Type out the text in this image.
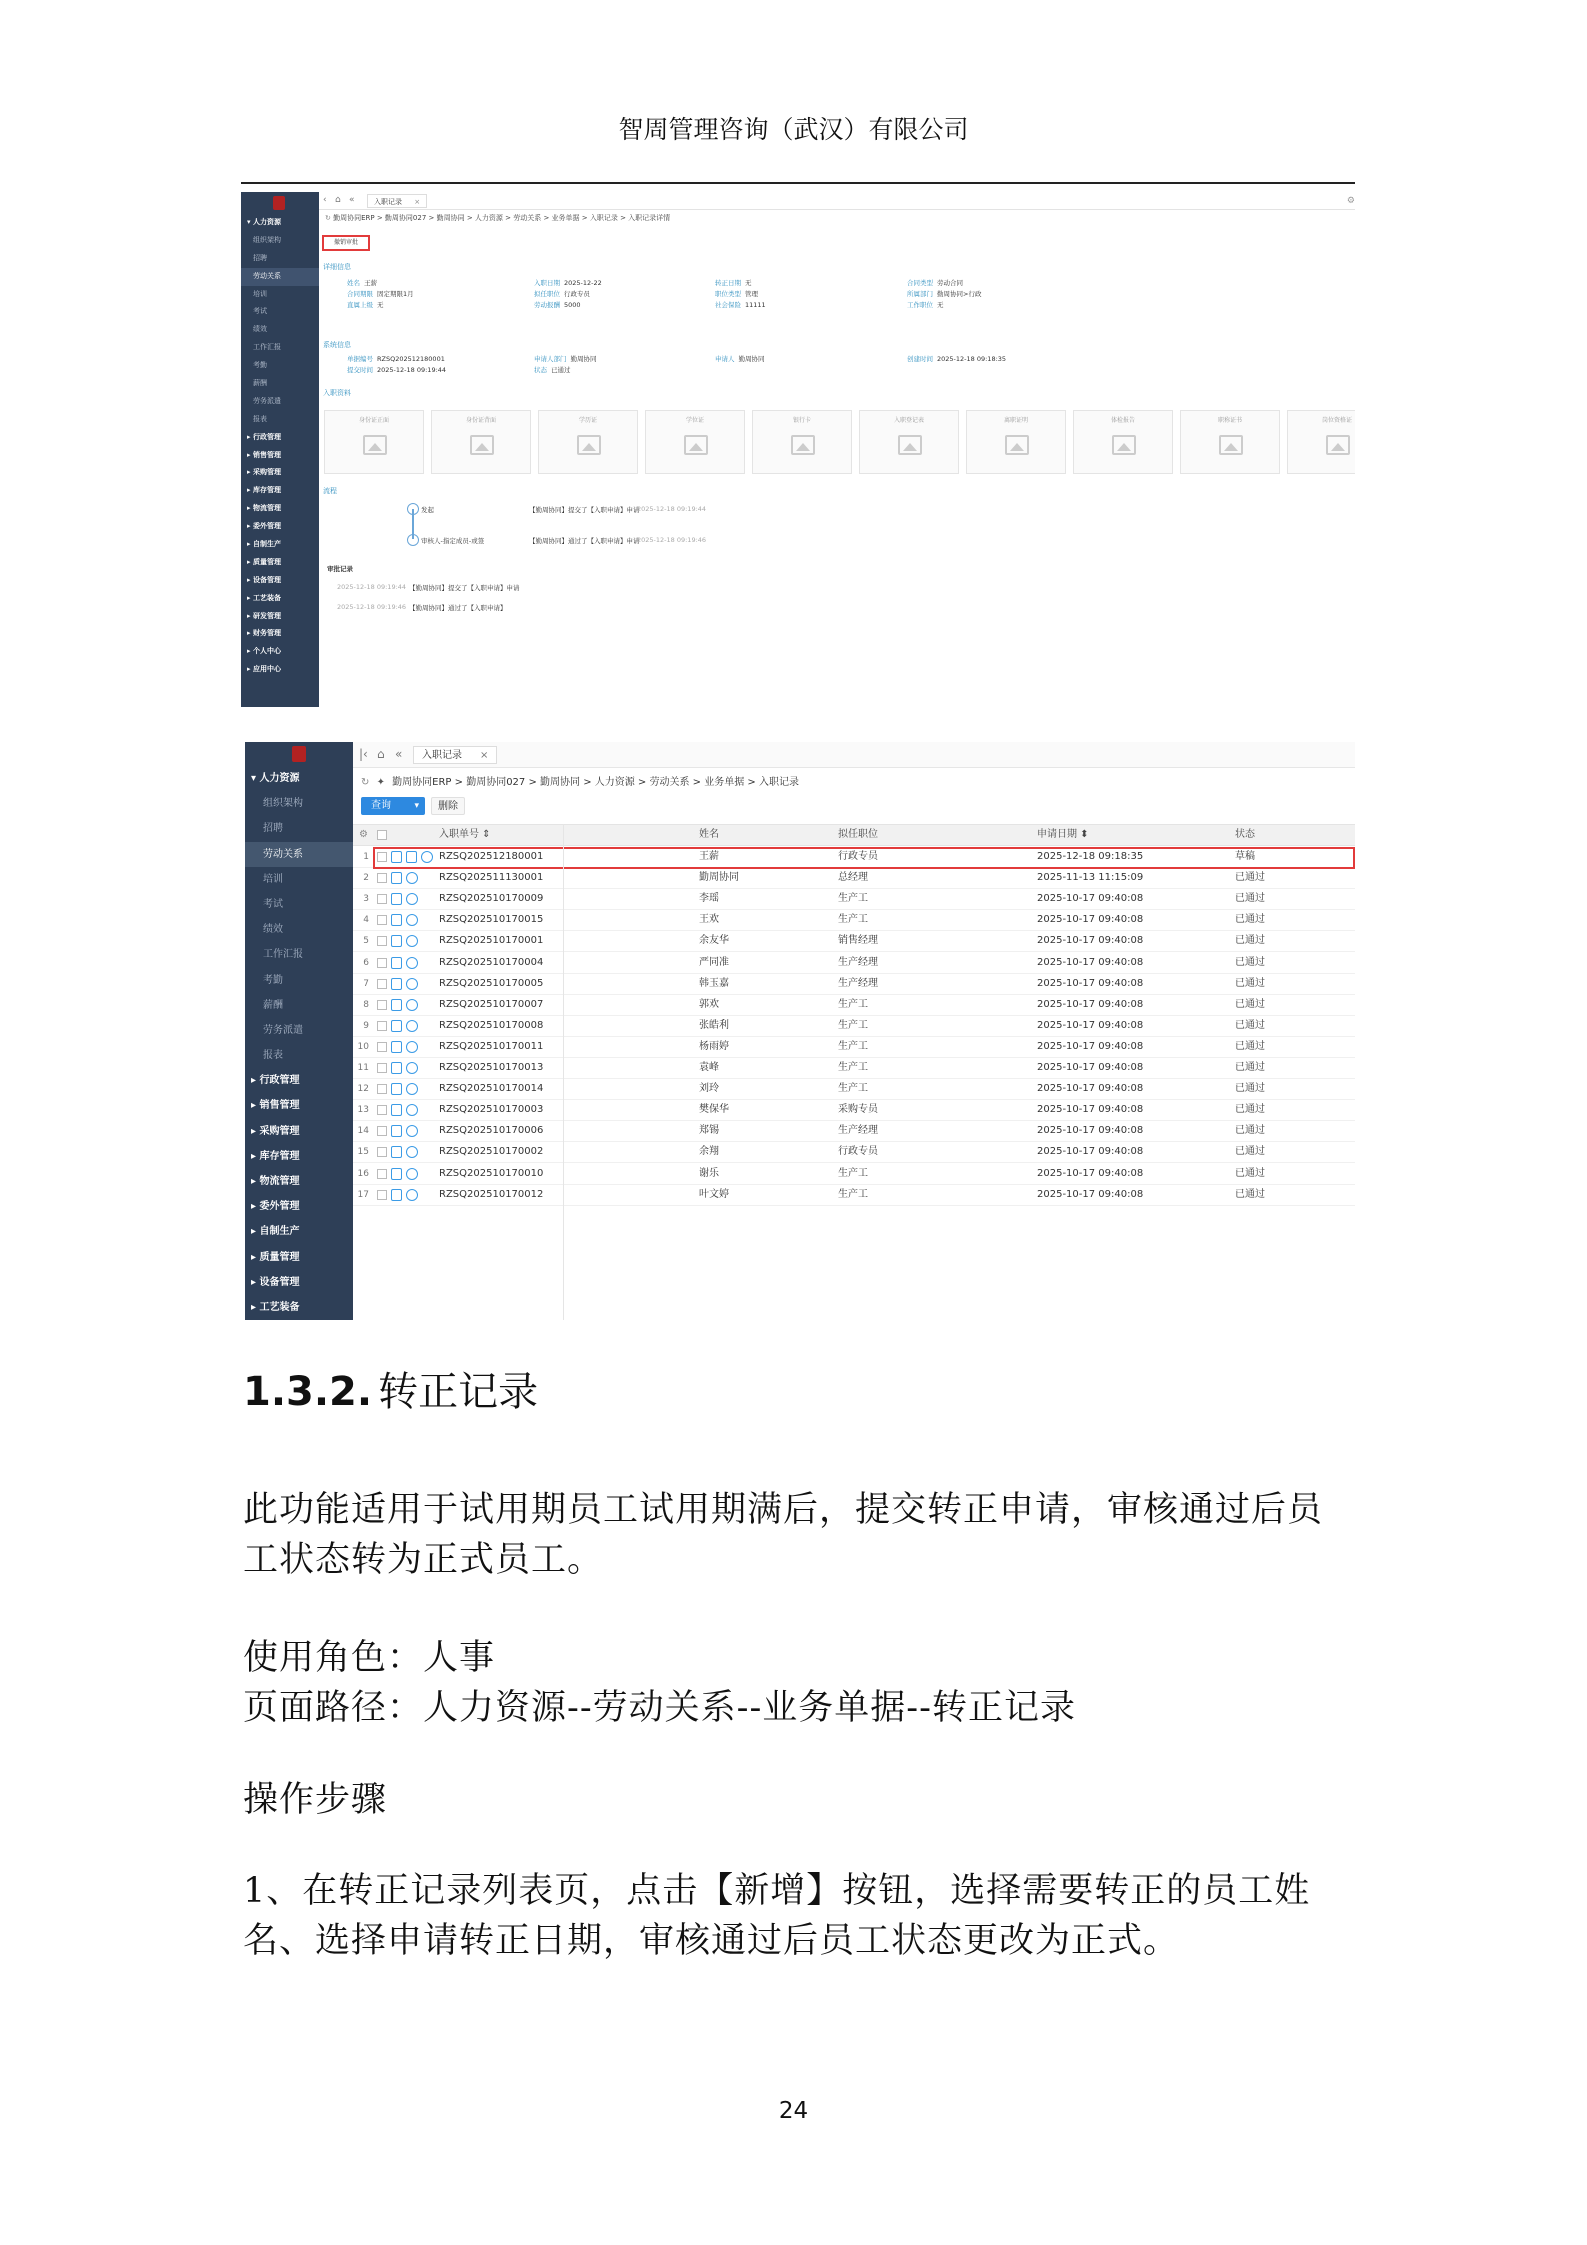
智周管理咨询（武汉）有限公司
▾ 人力资源
组织架构
招聘
劳动关系
培训
考试
绩效
工作汇报
考勤
薪酬
劳务派遣
报表
▸ 行政管理
▸ 销售管理
▸ 采购管理
▸ 库存管理
▸ 物流管理
▸ 委外管理
▸ 自制生产
▸ 质量管理
▸ 设备管理
▸ 工艺装备
▸ 研发管理
▸ 财务管理
▸ 个人中心
▸ 应用中心
‹ ⌂ «	入职记录 ×	⚙
↻ 勤周协同ERP > 勤周协同027 > 勤周协同 > 人力资源 > 劳动关系 > 业务单据 > 入职记录 > 入职记录详情
撤销审批
详细信息
姓名 王薪	入职日期 2025-12-22	转正日期 无	合同类型 劳动合同
合同期限 固定期限1月	拟任职位 行政专员	职位类型 管理	所属部门 勤周协同>行政
直属上级 无	劳动报酬 5000	社会保险 11111	工作职位 无
系统信息
单据编号 RZSQ202512180001	申请人部门 勤周协同	申请人 勤周协同	创建时间 2025-12-18 09:18:35
提交时间 2025-12-18 09:19:44	状态 已通过
入职资料
身份证正面	身份证背面	学历证	学位证	银行卡	入职登记表	离职证明	体检报告	职称证书	岗位资格证
流程
发起	【勤周协同】提交了【入职申请】申请
2025-12-18 09:19:44
审核人-指定成员-或签	【勤周协同】通过了【入职申请】申请
2025-12-18 09:19:46
审批记录
2025-12-18 09:19:44 【勤周协同】提交了【入职申请】申请
2025-12-18 09:19:46 【勤周协同】通过了【入职申请】
▾ 人力资源
组织架构
招聘
劳动关系
培训
考试
绩效
工作汇报
考勤
薪酬
劳务派遣
报表
▸ 行政管理
▸ 销售管理
▸ 采购管理
▸ 库存管理
▸ 物流管理
▸ 委外管理
▸ 自制生产
▸ 质量管理
▸ 设备管理
▸ 工艺装备
|‹ ⌂ «	入职记录 ×
↻ ✦ 勤周协同ERP > 勤周协同027 > 勤周协同 > 人力资源 > 劳动关系 > 业务单据 > 入职记录
查询 ▾	删除
⚙	入职单号 ⇕	姓名	拟任职位	申请日期 ⬍	状态
1	RZSQ202512180001	王薪	行政专员	2025-12-18 09:18:35	草稿
2	RZSQ202511130001	勤周协同	总经理	2025-11-13 11:15:09	已通过
3	RZSQ202510170009	李瑶	生产工	2025-10-17 09:40:08	已通过
4	RZSQ202510170015	王欢	生产工	2025-10-17 09:40:08	已通过
5	RZSQ202510170001	余友华	销售经理	2025-10-17 09:40:08	已通过
6	RZSQ202510170004	严同准	生产经理	2025-10-17 09:40:08	已通过
7	RZSQ202510170005	韩玉嘉	生产经理	2025-10-17 09:40:08	已通过
8	RZSQ202510170007	郭欢	生产工	2025-10-17 09:40:08	已通过
9	RZSQ202510170008	张皓利	生产工	2025-10-17 09:40:08	已通过
10	RZSQ202510170011	杨雨婷	生产工	2025-10-17 09:40:08	已通过
11	RZSQ202510170013	袁峰	生产工	2025-10-17 09:40:08	已通过
12	RZSQ202510170014	刘玲	生产工	2025-10-17 09:40:08	已通过
13	RZSQ202510170003	樊保华	采购专员	2025-10-17 09:40:08	已通过
14	RZSQ202510170006	郑锡	生产经理	2025-10-17 09:40:08	已通过
15	RZSQ202510170002	余翔	行政专员	2025-10-17 09:40:08	已通过
16	RZSQ202510170010	谢乐	生产工	2025-10-17 09:40:08	已通过
17	RZSQ202510170012	叶文婷	生产工	2025-10-17 09:40:08	已通过
1.3.2. 转正记录
此功能适用于试用期员工试用期满后，提交转正申请，审核通过后员工状态转为正式员工。
使用角色：人事
页面路径：人力资源--劳动关系--业务单据--转正记录
操作步骤
1、在转正记录列表页，点击【新增】按钮，选择需要转正的员工姓名、选择申请转正日期，审核通过后员工状态更改为正式。
24
